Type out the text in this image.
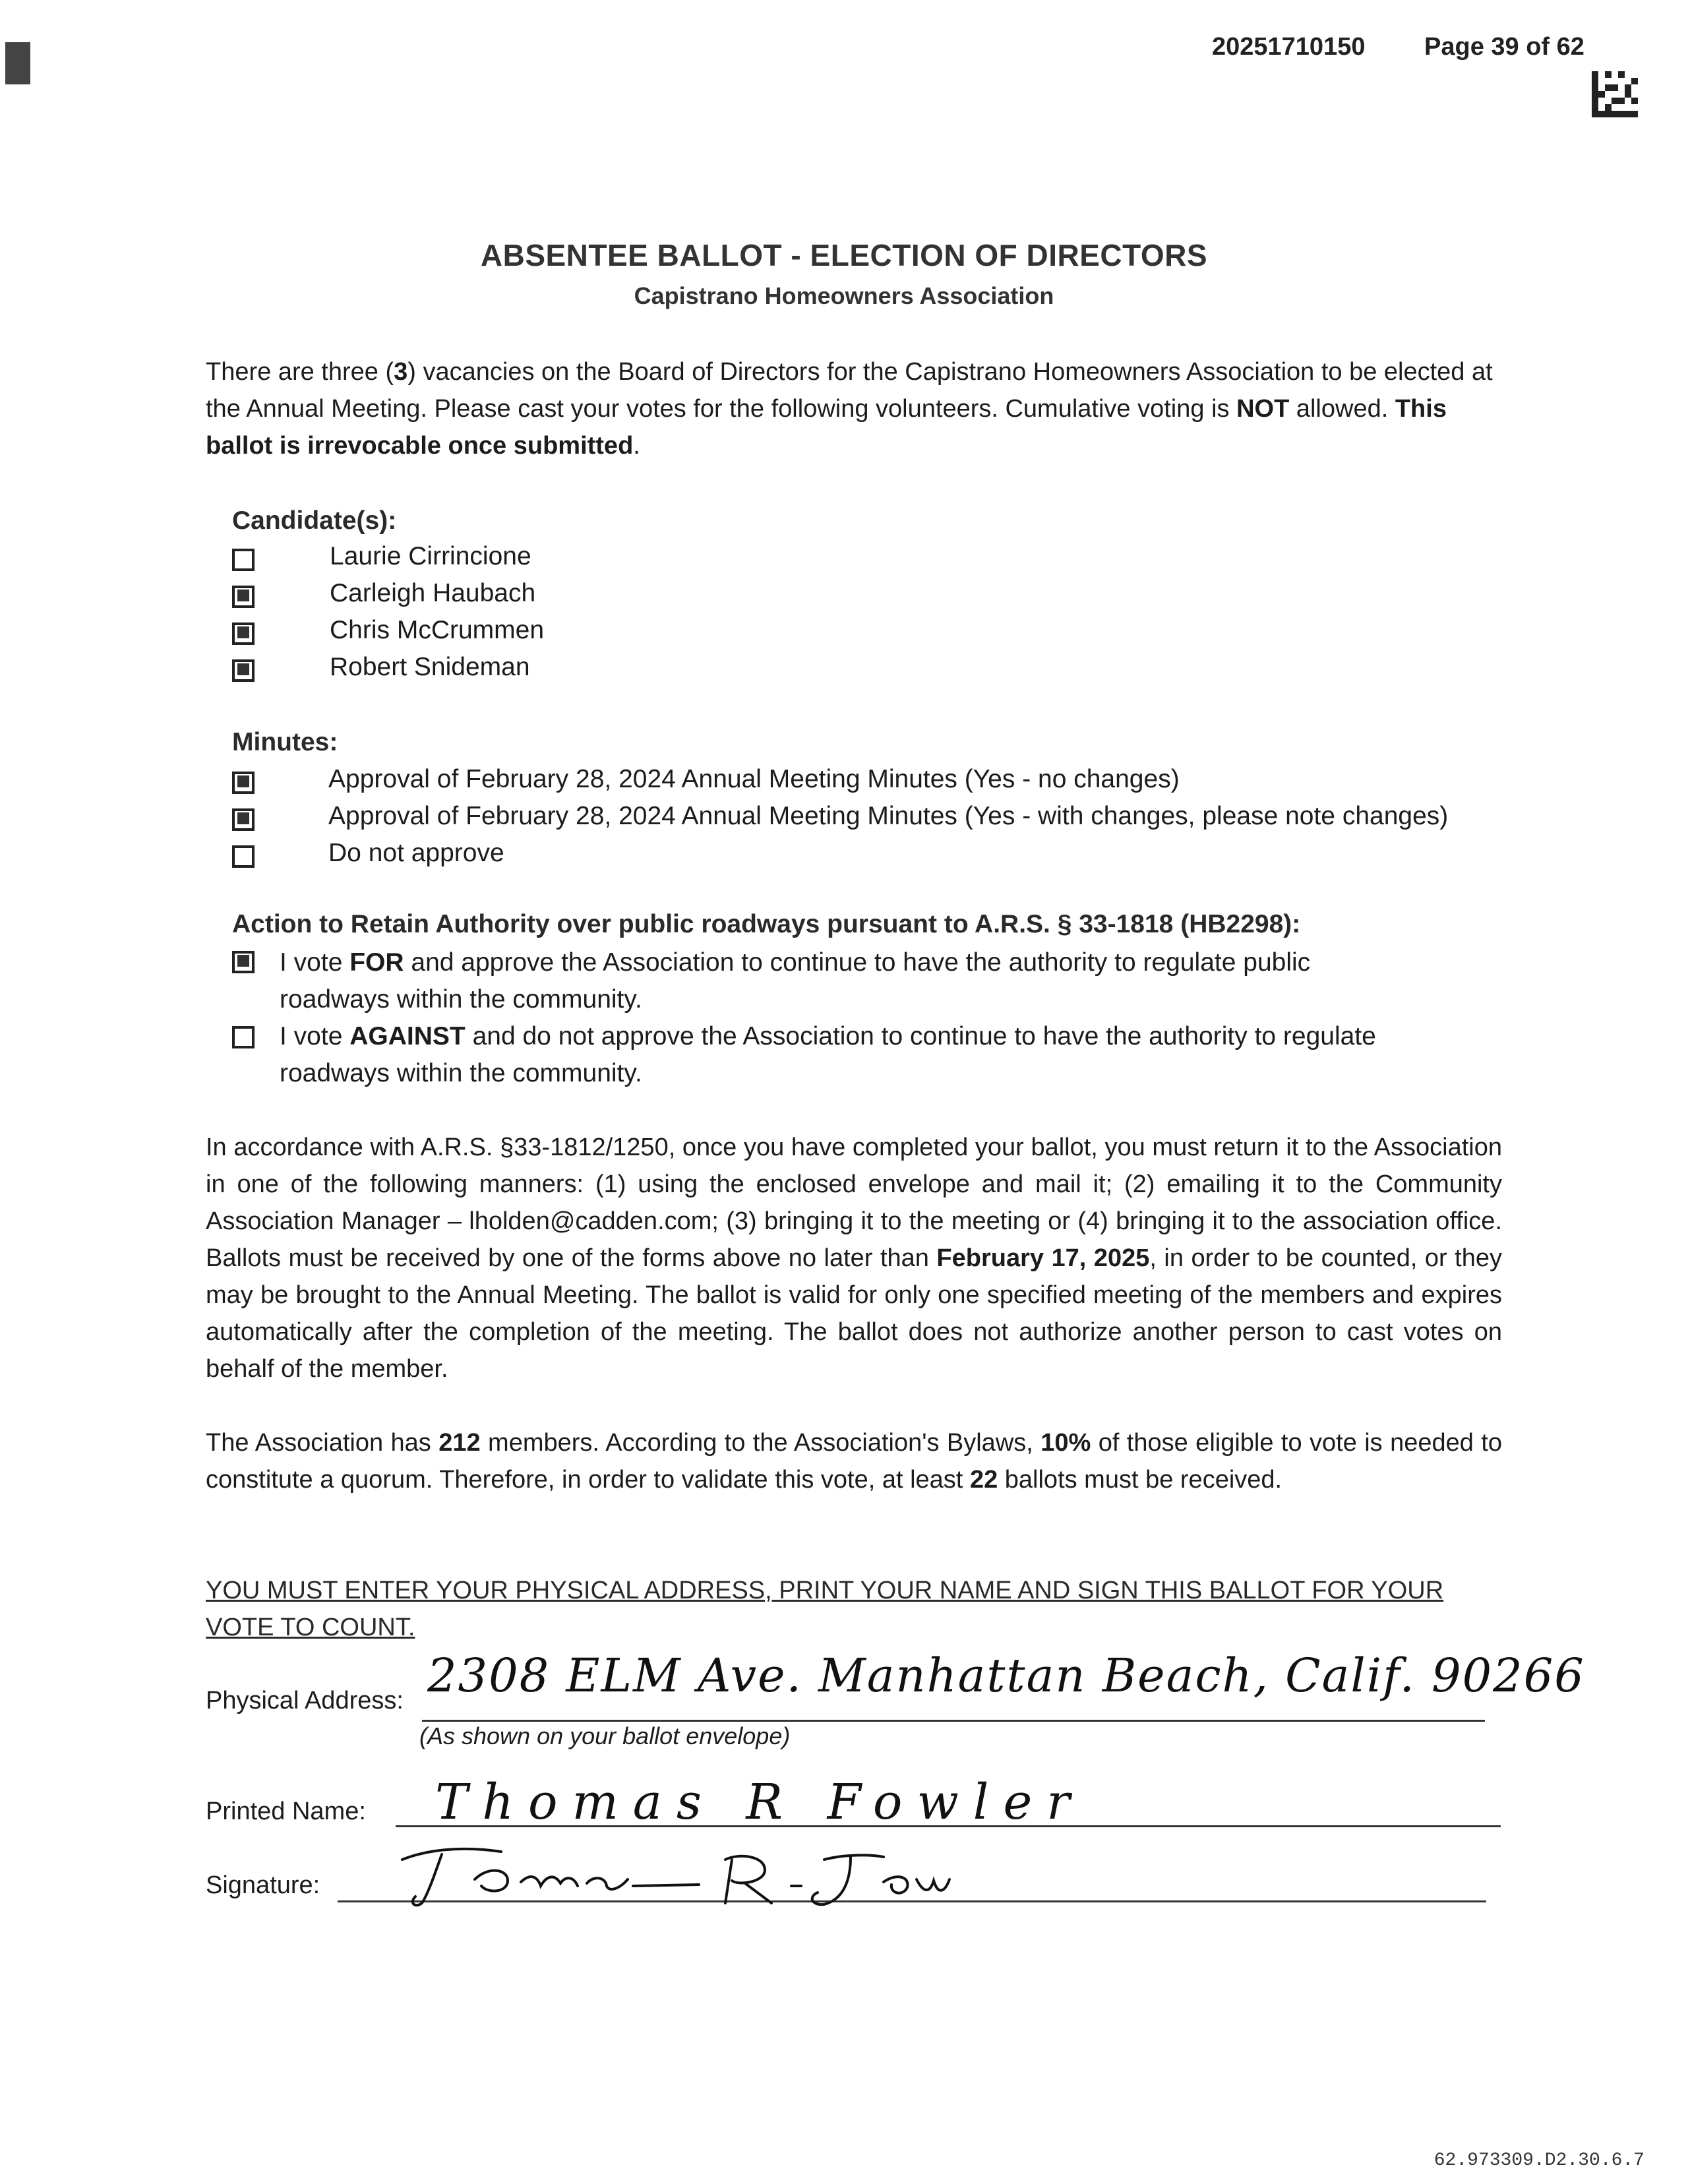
20251710150 Page 39 of 62
ABSENTEE BALLOT - ELECTION OF DIRECTORS
Capistrano Homeowners Association
There are three (3) vacancies on the Board of Directors for the Capistrano Homeowners Association to be elected at the Annual Meeting. Please cast your votes for the following volunteers. Cumulative voting is NOT allowed. This ballot is irrevocable once submitted.
Candidate(s):
Laurie Cirrincione
Carleigh Haubach
Chris McCrummen
Robert Snideman
Minutes:
Approval of February 28, 2024 Annual Meeting Minutes (Yes - no changes)
Approval of February 28, 2024 Annual Meeting Minutes (Yes - with changes, please note changes)
Do not approve
Action to Retain Authority over public roadways pursuant to A.R.S. § 33-1818 (HB2298):
I vote FOR and approve the Association to continue to have the authority to regulate public
roadways within the community.
I vote AGAINST and do not approve the Association to continue to have the authority to regulate
roadways within the community.
In accordance with A.R.S. §33-1812/1250, once you have completed your ballot, you must return it to the Association in one of the following manners: (1) using the enclosed envelope and mail it; (2) emailing it to the Community Association Manager – lholden@cadden.com; (3) bringing it to the meeting or (4) bringing it to the association office. Ballots must be received by one of the forms above no later than February 17, 2025, in order to be counted, or they may be brought to the Annual Meeting. The ballot is valid for only one specified meeting of the members and expires automatically after the completion of the meeting. The ballot does not authorize another person to cast votes on behalf of the member.
The Association has 212 members. According to the Association's Bylaws, 10% of those eligible to vote is needed to constitute a quorum. Therefore, in order to validate this vote, at least 22 ballots must be received.
YOU MUST ENTER YOUR PHYSICAL ADDRESS, PRINT YOUR NAME AND SIGN THIS BALLOT FOR YOUR VOTE TO COUNT.
Physical Address: 2308 ELM Ave. Manhattan Beach, Calif. 90266
(As shown on your ballot envelope)
Printed Name: Thomas R Fowler
Signature:
62.973309.D2.30.6.7
